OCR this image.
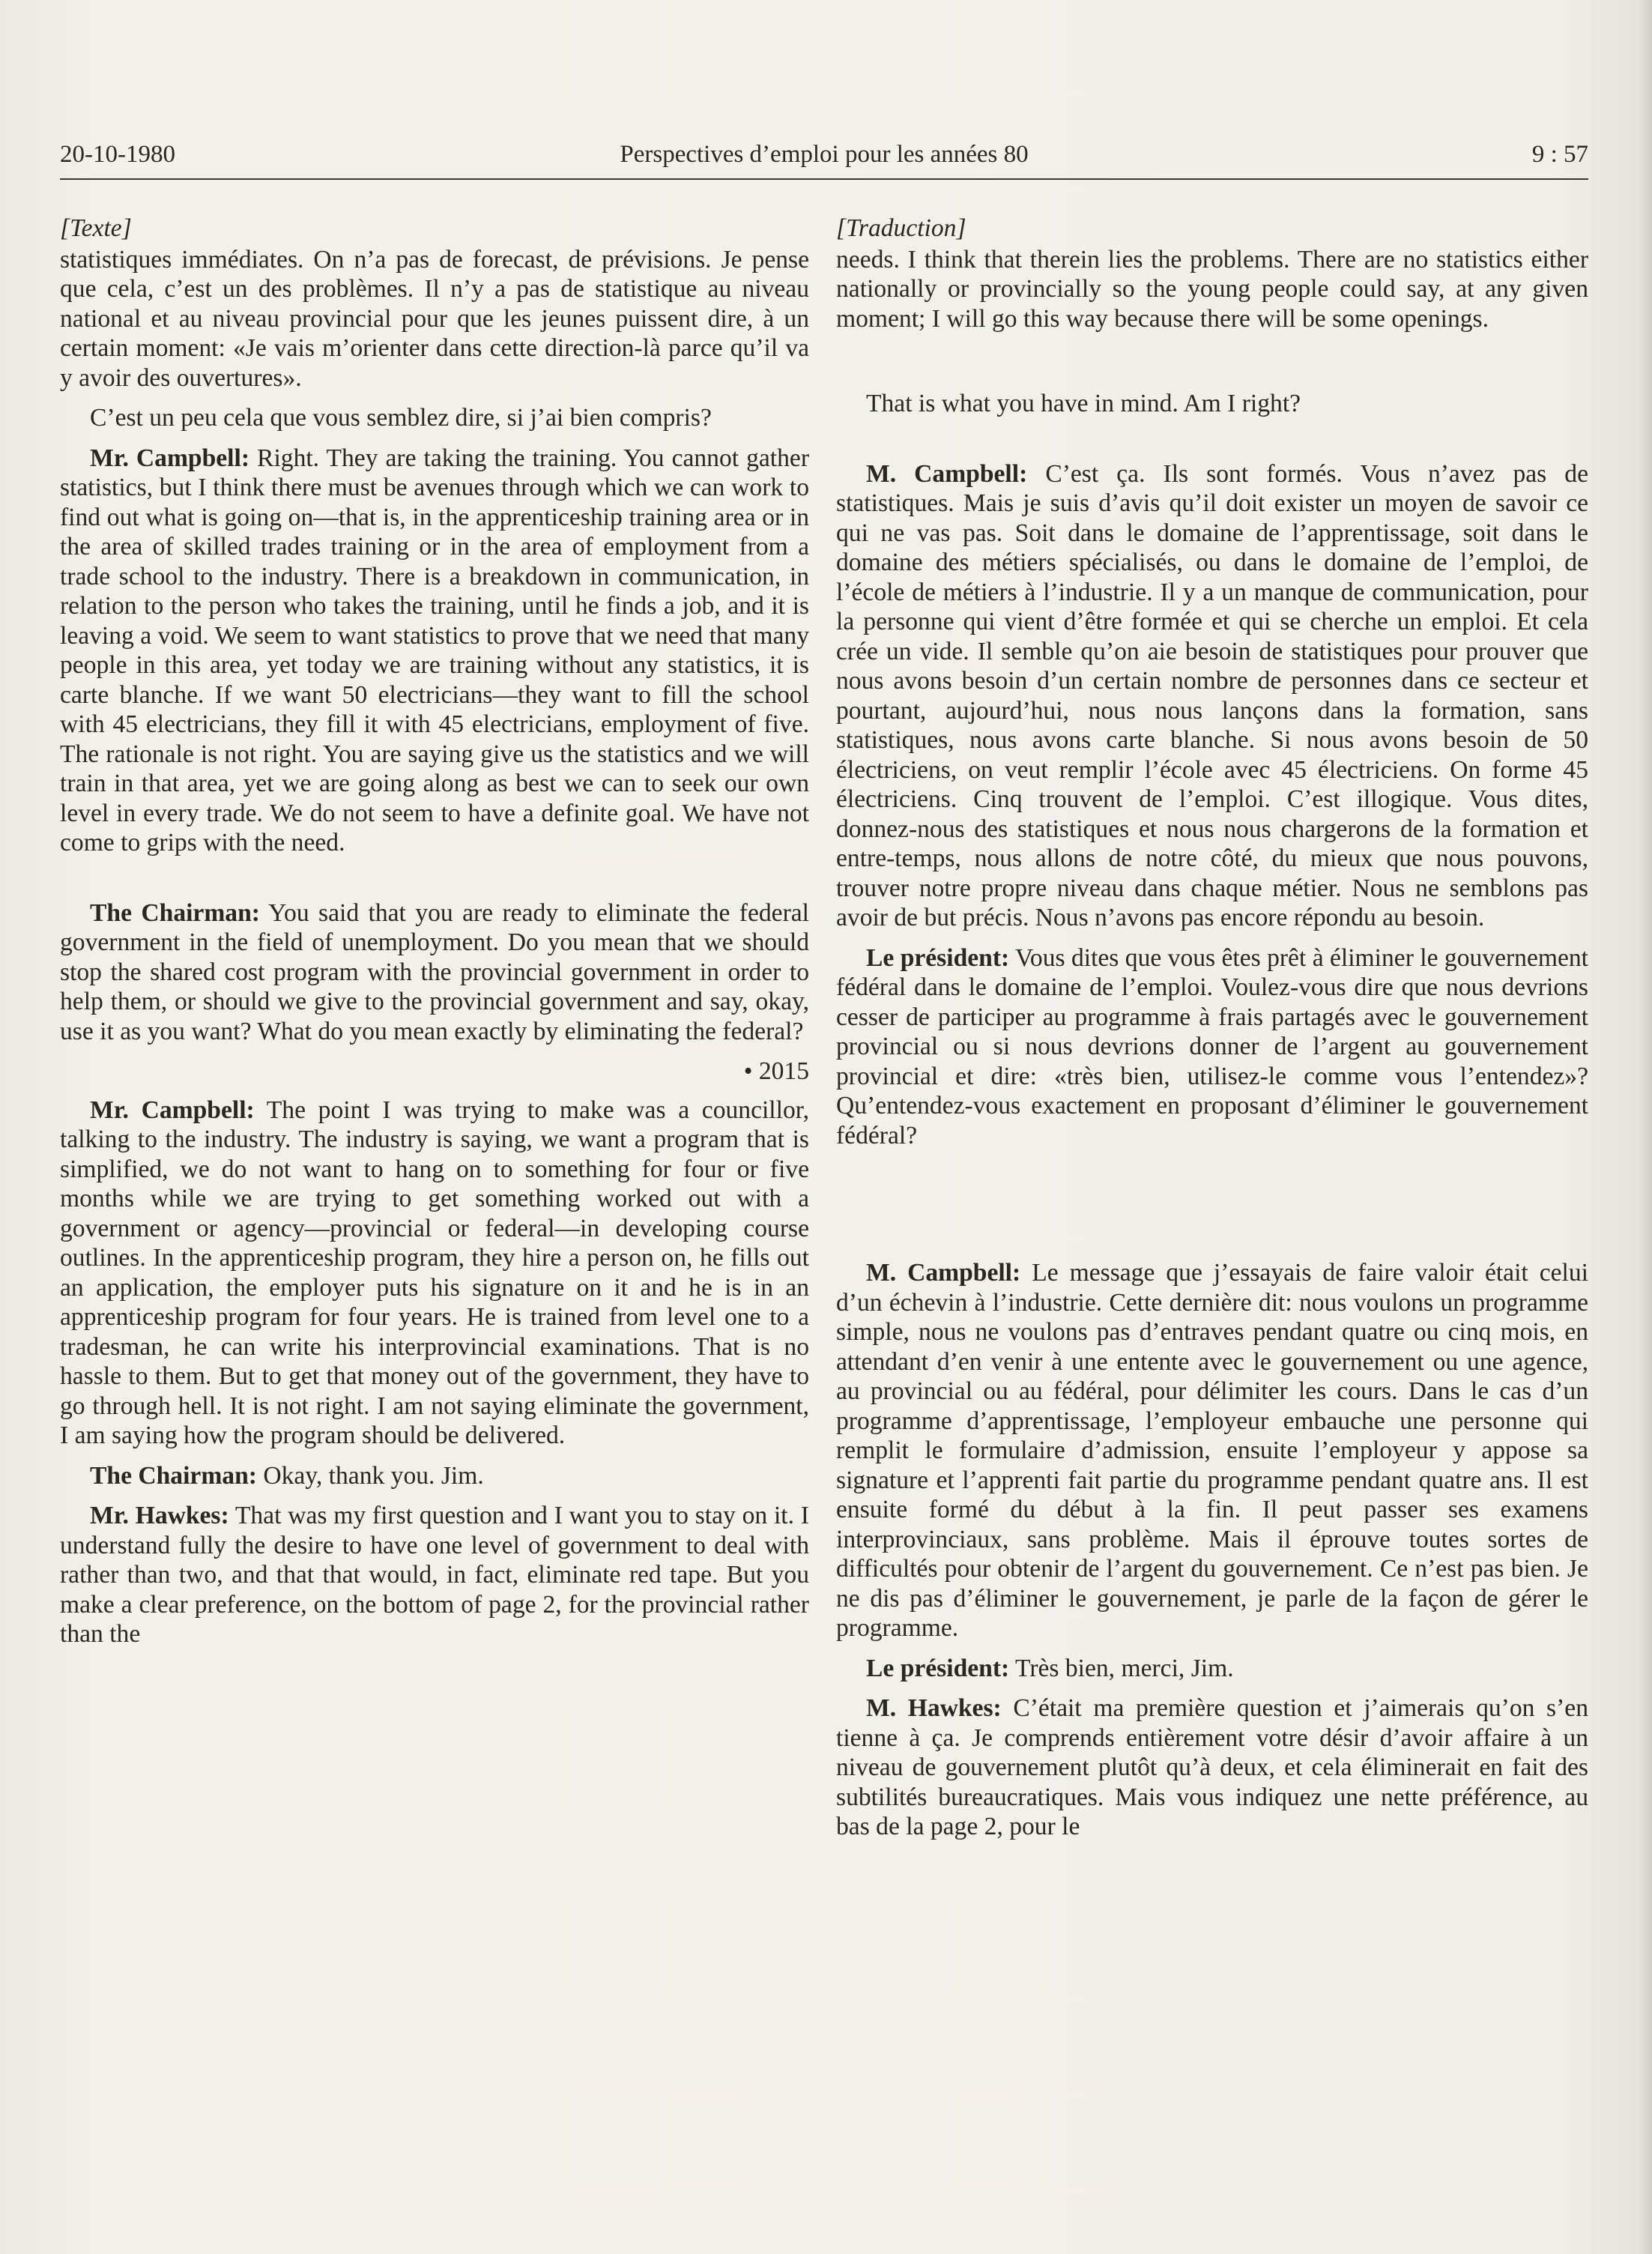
Perspectives d’emploi pour les années 80
20-10-1980	9 : 57
[Texte]

statistiques immédiates. On n’a pas de forecast, de prévisions. Je pense que cela, c’est un des problèmes. Il n’y a pas de statistique au niveau national et au niveau provincial pour que les jeunes puissent dire, à un certain moment: «Je vais m’orienter dans cette direction-là parce qu’il va y avoir des ouvertures».

C’est un peu cela que vous semblez dire, si j’ai bien compris?

Mr. Campbell: Right. They are taking the training. You cannot gather statistics, but I think there must be avenues through which we can work to find out what is going on—that is, in the apprenticeship training area or in the area of skilled trades training or in the area of employment from a trade school to the industry. There is a breakdown in communication, in relation to the person who takes the training, until he finds a job, and it is leaving a void. We seem to want statistics to prove that we need that many people in this area, yet today we are training without any statistics, it is carte blanche. If we want 50 electricians—they want to fill the school with 45 electricians, they fill it with 45 electricians, employment of five. The rationale is not right. You are saying give us the statistics and we will train in that area, yet we are going along as best we can to seek our own level in every trade. We do not seem to have a definite goal. We have not come to grips with the need.

The Chairman: You said that you are ready to eliminate the federal government in the field of unemployment. Do you mean that we should stop the shared cost program with the provincial government in order to help them, or should we give to the provincial government and say, okay, use it as you want? What do you mean exactly by eliminating the federal?

• 2015

Mr. Campbell: The point I was trying to make was a councillor, talking to the industry. The industry is saying, we want a program that is simplified, we do not want to hang on to something for four or five months while we are trying to get something worked out with a government or agency—provincial or federal—in developing course outlines. In the apprenticeship program, they hire a person on, he fills out an application, the employer puts his signature on it and he is in an apprenticeship program for four years. He is trained from level one to a tradesman, he can write his interprovincial examinations. That is no hassle to them. But to get that money out of the government, they have to go through hell. It is not right. I am not saying eliminate the government, I am saying how the program should be delivered.

The Chairman: Okay, thank you. Jim.

Mr. Hawkes: That was my first question and I want you to stay on it. I understand fully the desire to have one level of government to deal with rather than two, and that that would, in fact, eliminate red tape. But you make a clear preference, on the bottom of page 2, for the provincial rather than the

[Traduction]

needs. I think that therein lies the problems. There are no statistics either nationally or provincially so the young people could say, at any given moment; I will go this way because there will be some openings.

That is what you have in mind. Am I right?

M. Campbell: C’est ça. Ils sont formés. Vous n’avez pas de statistiques. Mais je suis d’avis qu’il doit exister un moyen de savoir ce qui ne vas pas. Soit dans le domaine de l’apprentissage, soit dans le domaine des métiers spécialisés, ou dans le domaine de l’emploi, de l’école de métiers à l’industrie. Il y a un manque de communication, pour la personne qui vient d’être formée et qui se cherche un emploi. Et cela crée un vide. Il semble qu’on aie besoin de statistiques pour prouver que nous avons besoin d’un certain nombre de personnes dans ce secteur et pourtant, aujourd’hui, nous nous lançons dans la formation, sans statistiques, nous avons carte blanche. Si nous avons besoin de 50 électriciens, on veut remplir l’école avec 45 électriciens. On forme 45 électriciens. Cinq trouvent de l’emploi. C’est illogique. Vous dites, donnez-nous des statistiques et nous nous chargerons de la formation et entre-temps, nous allons de notre côté, du mieux que nous pouvons, trouver notre propre niveau dans chaque métier. Nous ne semblons pas avoir de but précis. Nous n’avons pas encore répondu au besoin.

Le président: Vous dites que vous êtes prêt à éliminer le gouvernement fédéral dans le domaine de l’emploi. Voulez-vous dire que nous devrions cesser de participer au programme à frais partagés avec le gouvernement provincial ou si nous devrions donner de l’argent au gouvernement provincial et dire: «très bien, utilisez-le comme vous l’entendez»? Qu’entendez-vous exactement en proposant d’éliminer le gouvernement fédéral?

M. Campbell: Le message que j’essayais de faire valoir était celui d’un échevin à l’industrie. Cette dernière dit: nous voulons un programme simple, nous ne voulons pas d’entraves pendant quatre ou cinq mois, en attendant d’en venir à une entente avec le gouvernement ou une agence, au provincial ou au fédéral, pour délimiter les cours. Dans le cas d’un programme d’apprentissage, l’employeur embauche une personne qui remplit le formulaire d’admission, ensuite l’employeur y appose sa signature et l’apprenti fait partie du programme pendant quatre ans. Il est ensuite formé du début à la fin. Il peut passer ses examens interprovinciaux, sans problème. Mais il éprouve toutes sortes de difficultés pour obtenir de l’argent du gouvernement. Ce n’est pas bien. Je ne dis pas d’éliminer le gouvernement, je parle de la façon de gérer le programme.

Le président: Très bien, merci, Jim.

M. Hawkes: C’était ma première question et j’aimerais qu’on s’en tienne à ça. Je comprends entièrement votre désir d’avoir affaire à un niveau de gouvernement plutôt qu’à deux, et cela éliminerait en fait des subtilités bureaucratiques. Mais vous indiquez une nette préférence, au bas de la page 2, pour le
